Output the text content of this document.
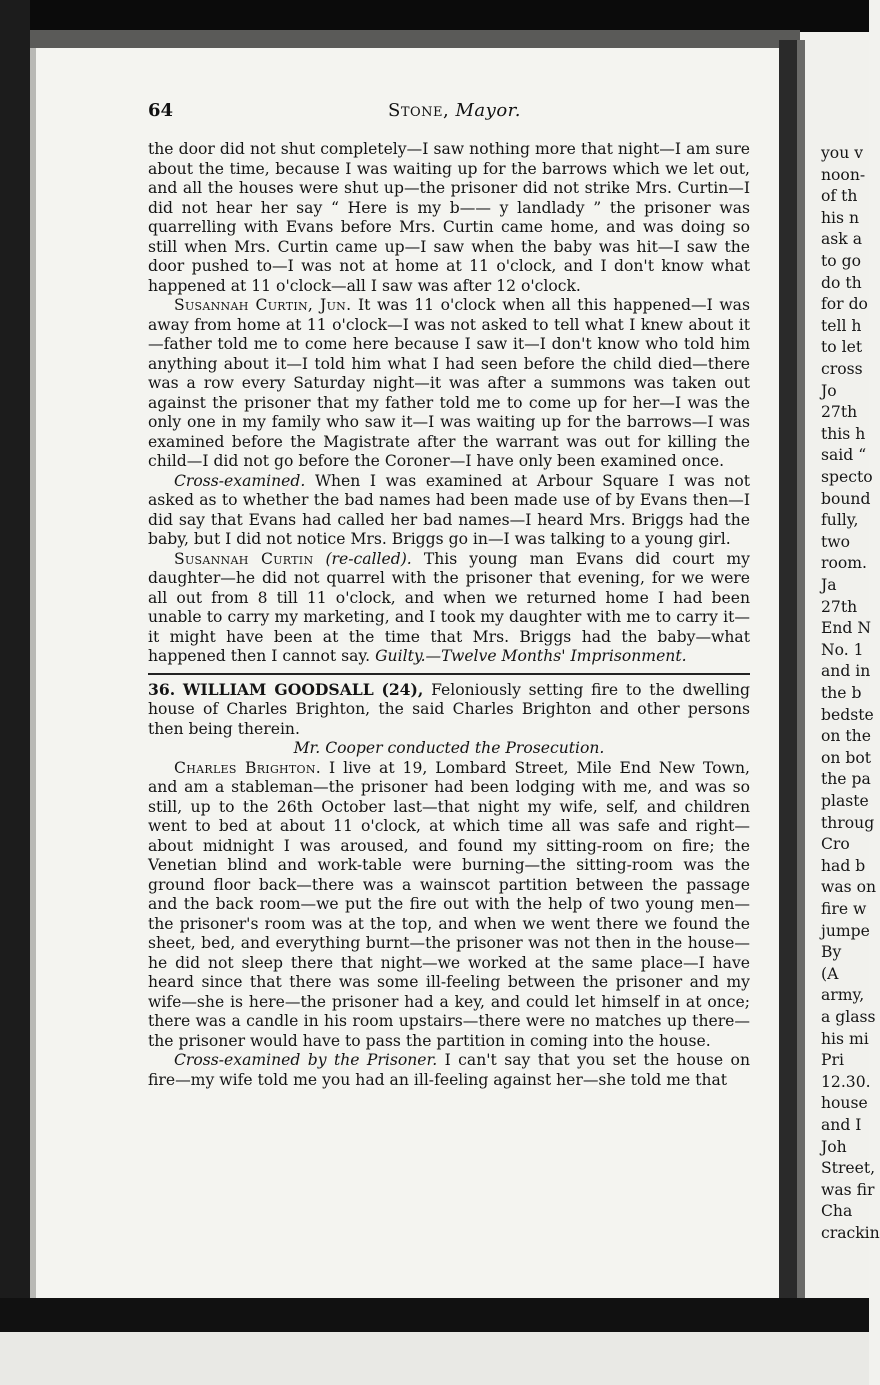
you v
noon-
of th
his n
ask a
to go
do th
for do
tell h
to let
cross
Jo
27th
this h
said “
specto
bound
fully,
two
room.
Ja
27th
End N
No. 1
and in
the b
bedste
on the
on bot
the pa
plaste
throug
Cro
had b
was on
fire w
jumpe
By
(A
army,
a glass
his mi
Pri
12.30.
house
and I
Joh
Street,
was fir
Cha
crackin
64	Stone, Mayor.

the door did not shut completely—I saw nothing more that night—I am sure about the time, because I was waiting up for the barrows which we let out, and all the houses were shut up—the prisoner did not strike Mrs. Curtin—I did not hear her say “ Here is my b—— y landlady ” the prisoner was quarrelling with Evans before Mrs. Curtin came home, and was doing so still when Mrs. Curtin came up—I saw when the baby was hit—I saw the door pushed to—I was not at home at 11 o'clock, and I don't know what happened at 11 o'clock—all I saw was after 12 o'clock.

Susannah Curtin, Jun. It was 11 o'clock when all this happened—I was away from home at 11 o'clock—I was not asked to tell what I knew about it—father told me to come here because I saw it—I don't know who told him anything about it—I told him what I had seen before the child died—there was a row every Saturday night—it was after a summons was taken out against the prisoner that my father told me to come up for her—I was the only one in my family who saw it—I was waiting up for the barrows—I was examined before the Magistrate after the warrant was out for killing the child—I did not go before the Coroner—I have only been examined once.

Cross-examined. When I was examined at Arbour Square I was not asked as to whether the bad names had been made use of by Evans then—I did say that Evans had called her bad names—I heard Mrs. Briggs had the baby, but I did not notice Mrs. Briggs go in—I was talking to a young girl.

Susannah Curtin (re-called). This young man Evans did court my daughter—he did not quarrel with the prisoner that evening, for we were all out from 8 till 11 o'clock, and when we returned home I had been unable to carry my marketing, and I took my daughter with me to carry it—it might have been at the time that Mrs. Briggs had the baby—what happened then I cannot say. Guilty.—Twelve Months' Imprisonment.

36. WILLIAM GOODSALL (24), Feloniously setting fire to the dwelling house of Charles Brighton, the said Charles Brighton and other persons then being therein.

Mr. Cooper conducted the Prosecution.

Charles Brighton. I live at 19, Lombard Street, Mile End New Town, and am a stableman—the prisoner had been lodging with me, and was so still, up to the 26th October last—that night my wife, self, and children went to bed at about 11 o'clock, at which time all was safe and right—about midnight I was aroused, and found my sitting-room on fire; the Venetian blind and work-table were burning—the sitting-room was the ground floor back—there was a wainscot partition between the passage and the back room—we put the fire out with the help of two young men—the prisoner's room was at the top, and when we went there we found the sheet, bed, and everything burnt—the prisoner was not then in the house—he did not sleep there that night—we worked at the same place—I have heard since that there was some ill-feeling between the prisoner and my wife—she is here—the prisoner had a key, and could let himself in at once; there was a candle in his room upstairs—there were no matches up there—the prisoner would have to pass the partition in coming into the house.

Cross-examined by the Prisoner. I can't say that you set the house on fire—my wife told me you had an ill-feeling against her—she told me that
